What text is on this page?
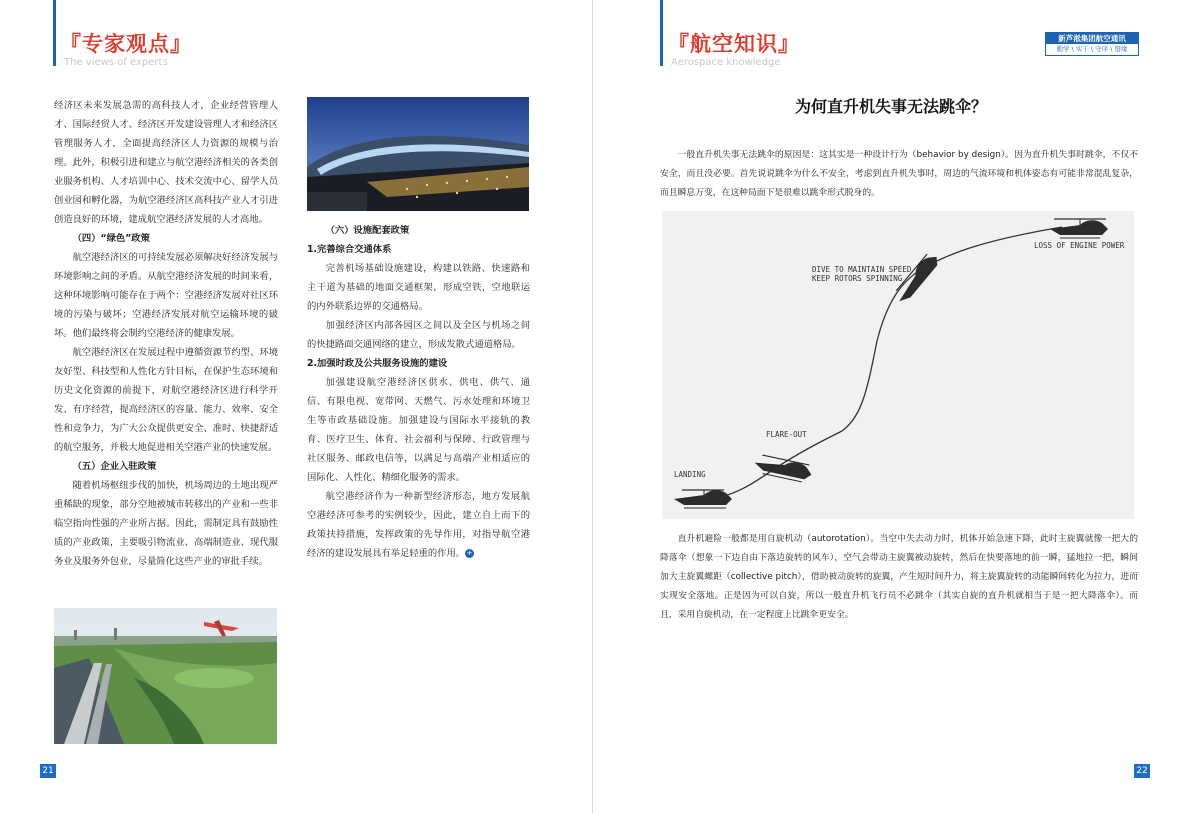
『专家观点』
The views of experts

经济区未来发展急需的高科技人才，企业经营管理人才、国际经贸人才、经济区开发建设管理人才和经济区管理服务人才，全面提高经济区人力资源的规模与治理。此外，积极引进和建立与航空港经济相关的各类创业服务机构、人才培训中心、技术交流中心、留学人员创业园和孵化器，为航空港经济区高科技产业人才引进创造良好的环境，建成航空港经济发展的人才高地。

（四）“绿色”政策

航空港经济区的可持续发展必须解决好经济发展与环境影响之间的矛盾。从航空港经济发展的时间来看，这种环境影响可能存在于两个：空港经济发展对社区环境的污染与破坏；空港经济发展对航空运输环境的破坏。他们最终将会制约空港经济的健康发展。

航空港经济区在发展过程中遵循资源节约型、环境友好型、科技型和人性化方针目标，在保护生态环境和历史文化资源的前提下，对航空港经济区进行科学开发、有序经营，提高经济区的容量、能力、效率、安全性和竞争力，为广大公众提供更安全、准时、快捷舒适的航空服务，并极大地促进相关空港产业的快速发展。

（五）企业入驻政策

随着机场枢纽步伐的加快，机场周边的土地出现严重稀缺的现象，部分空地被城市转移出的产业和一些非临空指向性强的产业所占据。因此，需制定具有鼓励性质的产业政策，主要吸引物流业、高端制造业、现代服务业及服务外包业，尽量简化这些产业的审批手续。

（六）设施配套政策
1.完善综合交通体系

完善机场基础设施建设，构建以铁路、快速路和主干道为基础的地面交通框架，形成空铁，空地联运的内外联系边界的交通格局。

加强经济区内部各园区之间以及全区与机场之间的快捷路面交通网络的建立，形成发散式通道格局。

2.加强时政及公共服务设施的建设

加强建设航空港经济区供水、供电、供气、通信、有限电视、宽带网、天燃气、污水处理和环境卫生等市政基础设施。加强建设与国际水平接轨的教育、医疗卫生、体育、社会福利与保障、行政管理与社区服务、邮政电信等，以满足与高端产业相适应的国际化、人性化、精细化服务的需求。

航空港经济作为一种新型经济形态，地方发展航空港经济可参考的实例较少，因此，建立自上而下的政策扶持措施，发挥政策的先导作用，对指导航空港经济的建设发展具有举足轻重的作用。 +

21
『航空知识』
Aerospace knowledge
新芦淞集团航空通讯
勤学 \ 实干 \ 守序 \ 惜缘
为何直升机失事无法跳伞？

一般直升机失事无法跳伞的原因是：这其实是一种设计行为（behavior by design）。因为直升机失事时跳伞，不仅不安全，而且没必要。首先说说跳伞为什么不安全，考虑到直升机失事时，周边的气流环境和机体姿态有可能非常混乱复杂，而且瞬息万变，在这种局面下是很难以跳伞形式脱身的。

LOSS OF ENGINE POWER
DIVE TO MAINTAIN SPEED AND
KEEP ROTORS SPINNING
FLARE-OUT
LANDING

直升机避险一般都是用自旋机动（autorotation）。当空中失去动力时，机体开始急速下降，此时主旋翼就像一把大的降落伞（想象一下边自由下落边旋转的风车），空气会带动主旋翼被动旋转，然后在快要落地的前一瞬，猛地拉一把，瞬间加大主旋翼螺距（collective pitch），借助被动旋转的旋翼，产生短时间升力，将主旋翼旋转的动能瞬间转化为拉力，进而实现安全落地。正是因为可以自旋，所以一般直升机飞行员不必跳伞（其实自旋的直升机就相当于是一把大降落伞）。而且，采用自旋机动，在一定程度上比跳伞更安全。

22
